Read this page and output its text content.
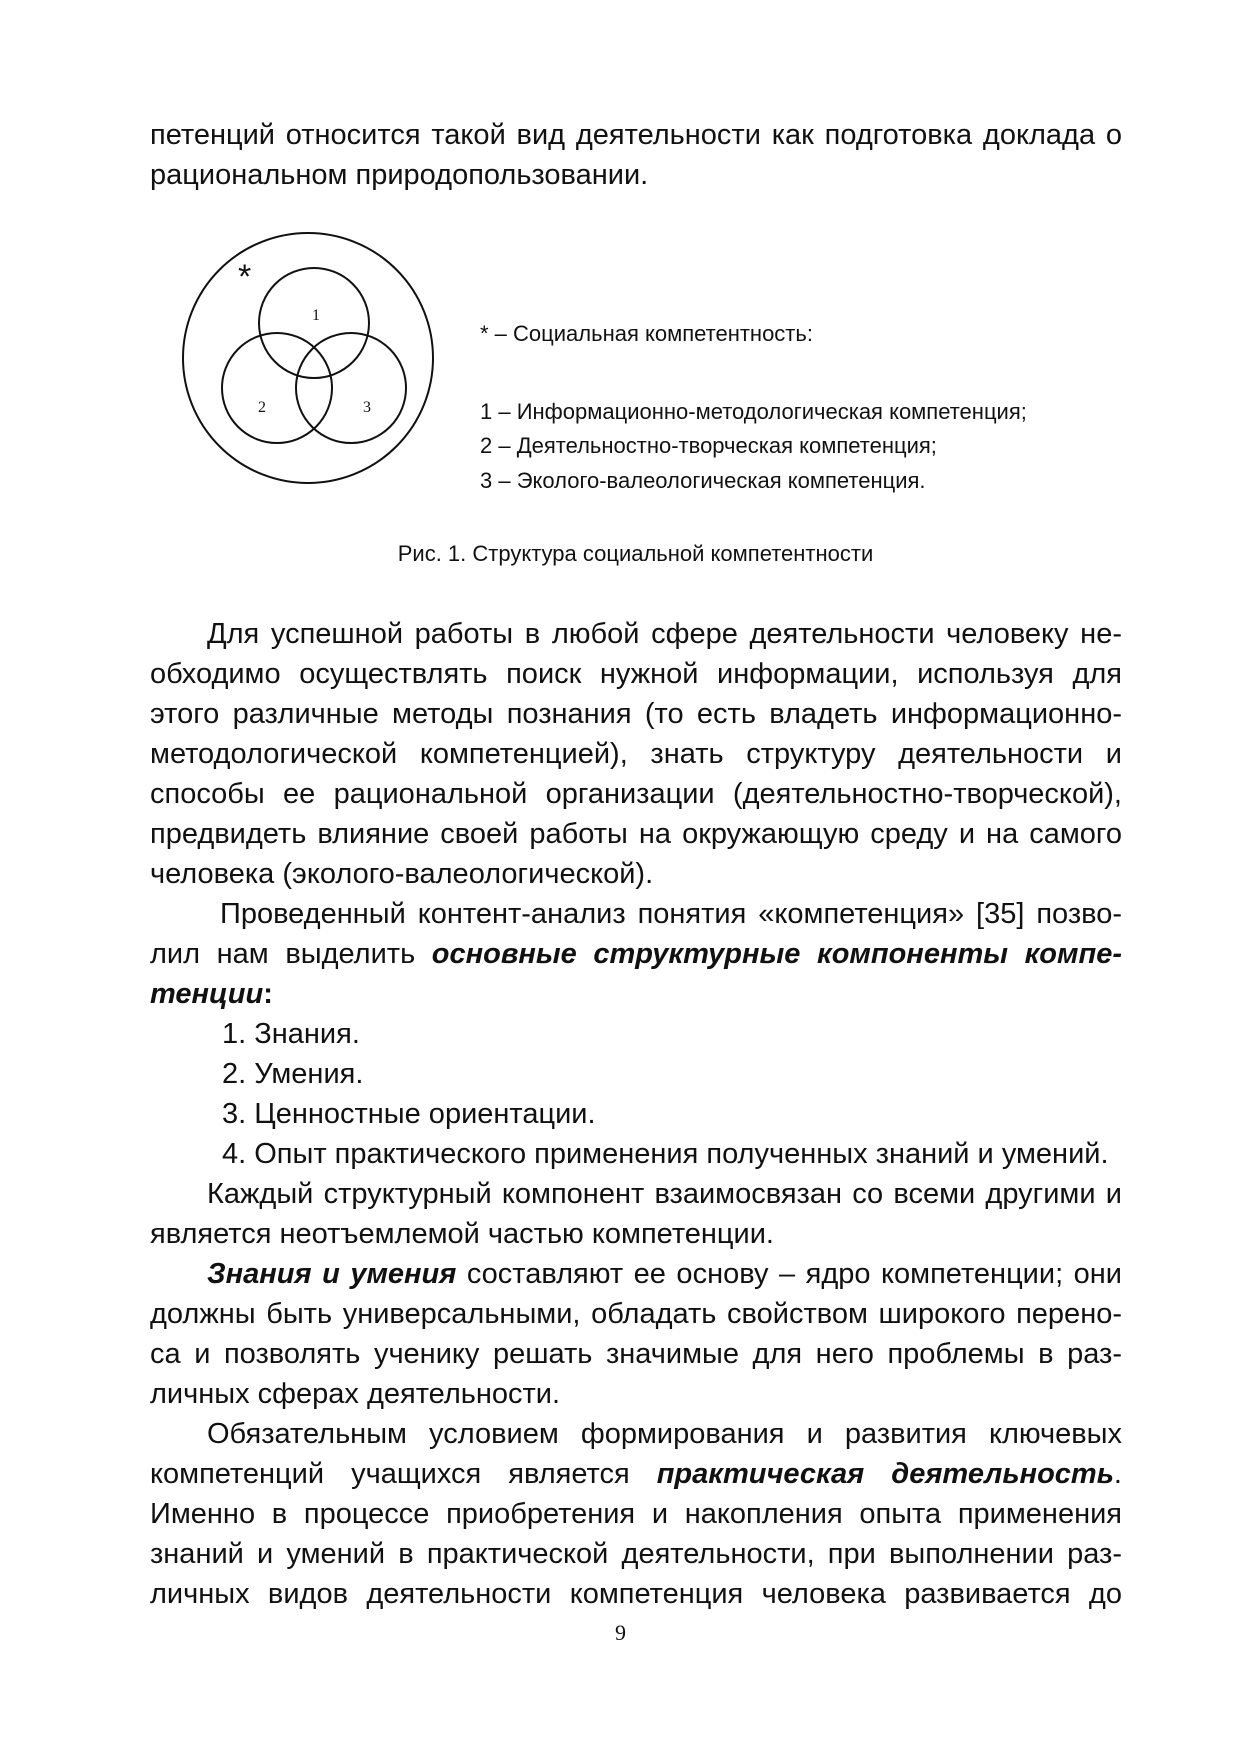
петенций относится такой вид деятельности как подготовка доклада о
рациональном природопользовании.
*
1
2	3
* – Социальная компетентность:
1 – Информационно-методологическая компетенция;
2 – Деятельностно-творческая компетенция;
3 – Эколого-валеологическая компетенция.
Рис. 1. Структура социальной компетентности
Для успешной работы в любой сфере деятельности человеку не-
обходимо осуществлять поиск нужной информации, используя для
этого различные методы познания (то есть владеть информационно-
методологической компетенцией), знать структуру деятельности и
способы ее рациональной организации (деятельностно-творческой),
предвидеть влияние своей работы на окружающую среду и на самого
человека (эколого-валеологической).
Проведенный контент-анализ понятия «компетенция» [35] позво-
лил нам выделить основные структурные компоненты компе-
тенции:
1. Знания.
2. Умения.
3. Ценностные ориентации.
4. Опыт практического применения полученных знаний и умений.
Каждый структурный компонент взаимосвязан со всеми другими и
является неотъемлемой частью компетенции.
Знания и умения составляют ее основу – ядро компетенции; они
должны быть универсальными, обладать свойством широкого перено-
са и позволять ученику решать значимые для него проблемы в раз-
личных сферах деятельности.
Обязательным условием формирования и развития ключевых
компетенций учащихся является практическая деятельность.
Именно в процессе приобретения и накопления опыта применения
знаний и умений в практической деятельности, при выполнении раз-
личных видов деятельности компетенция человека развивается до
9
